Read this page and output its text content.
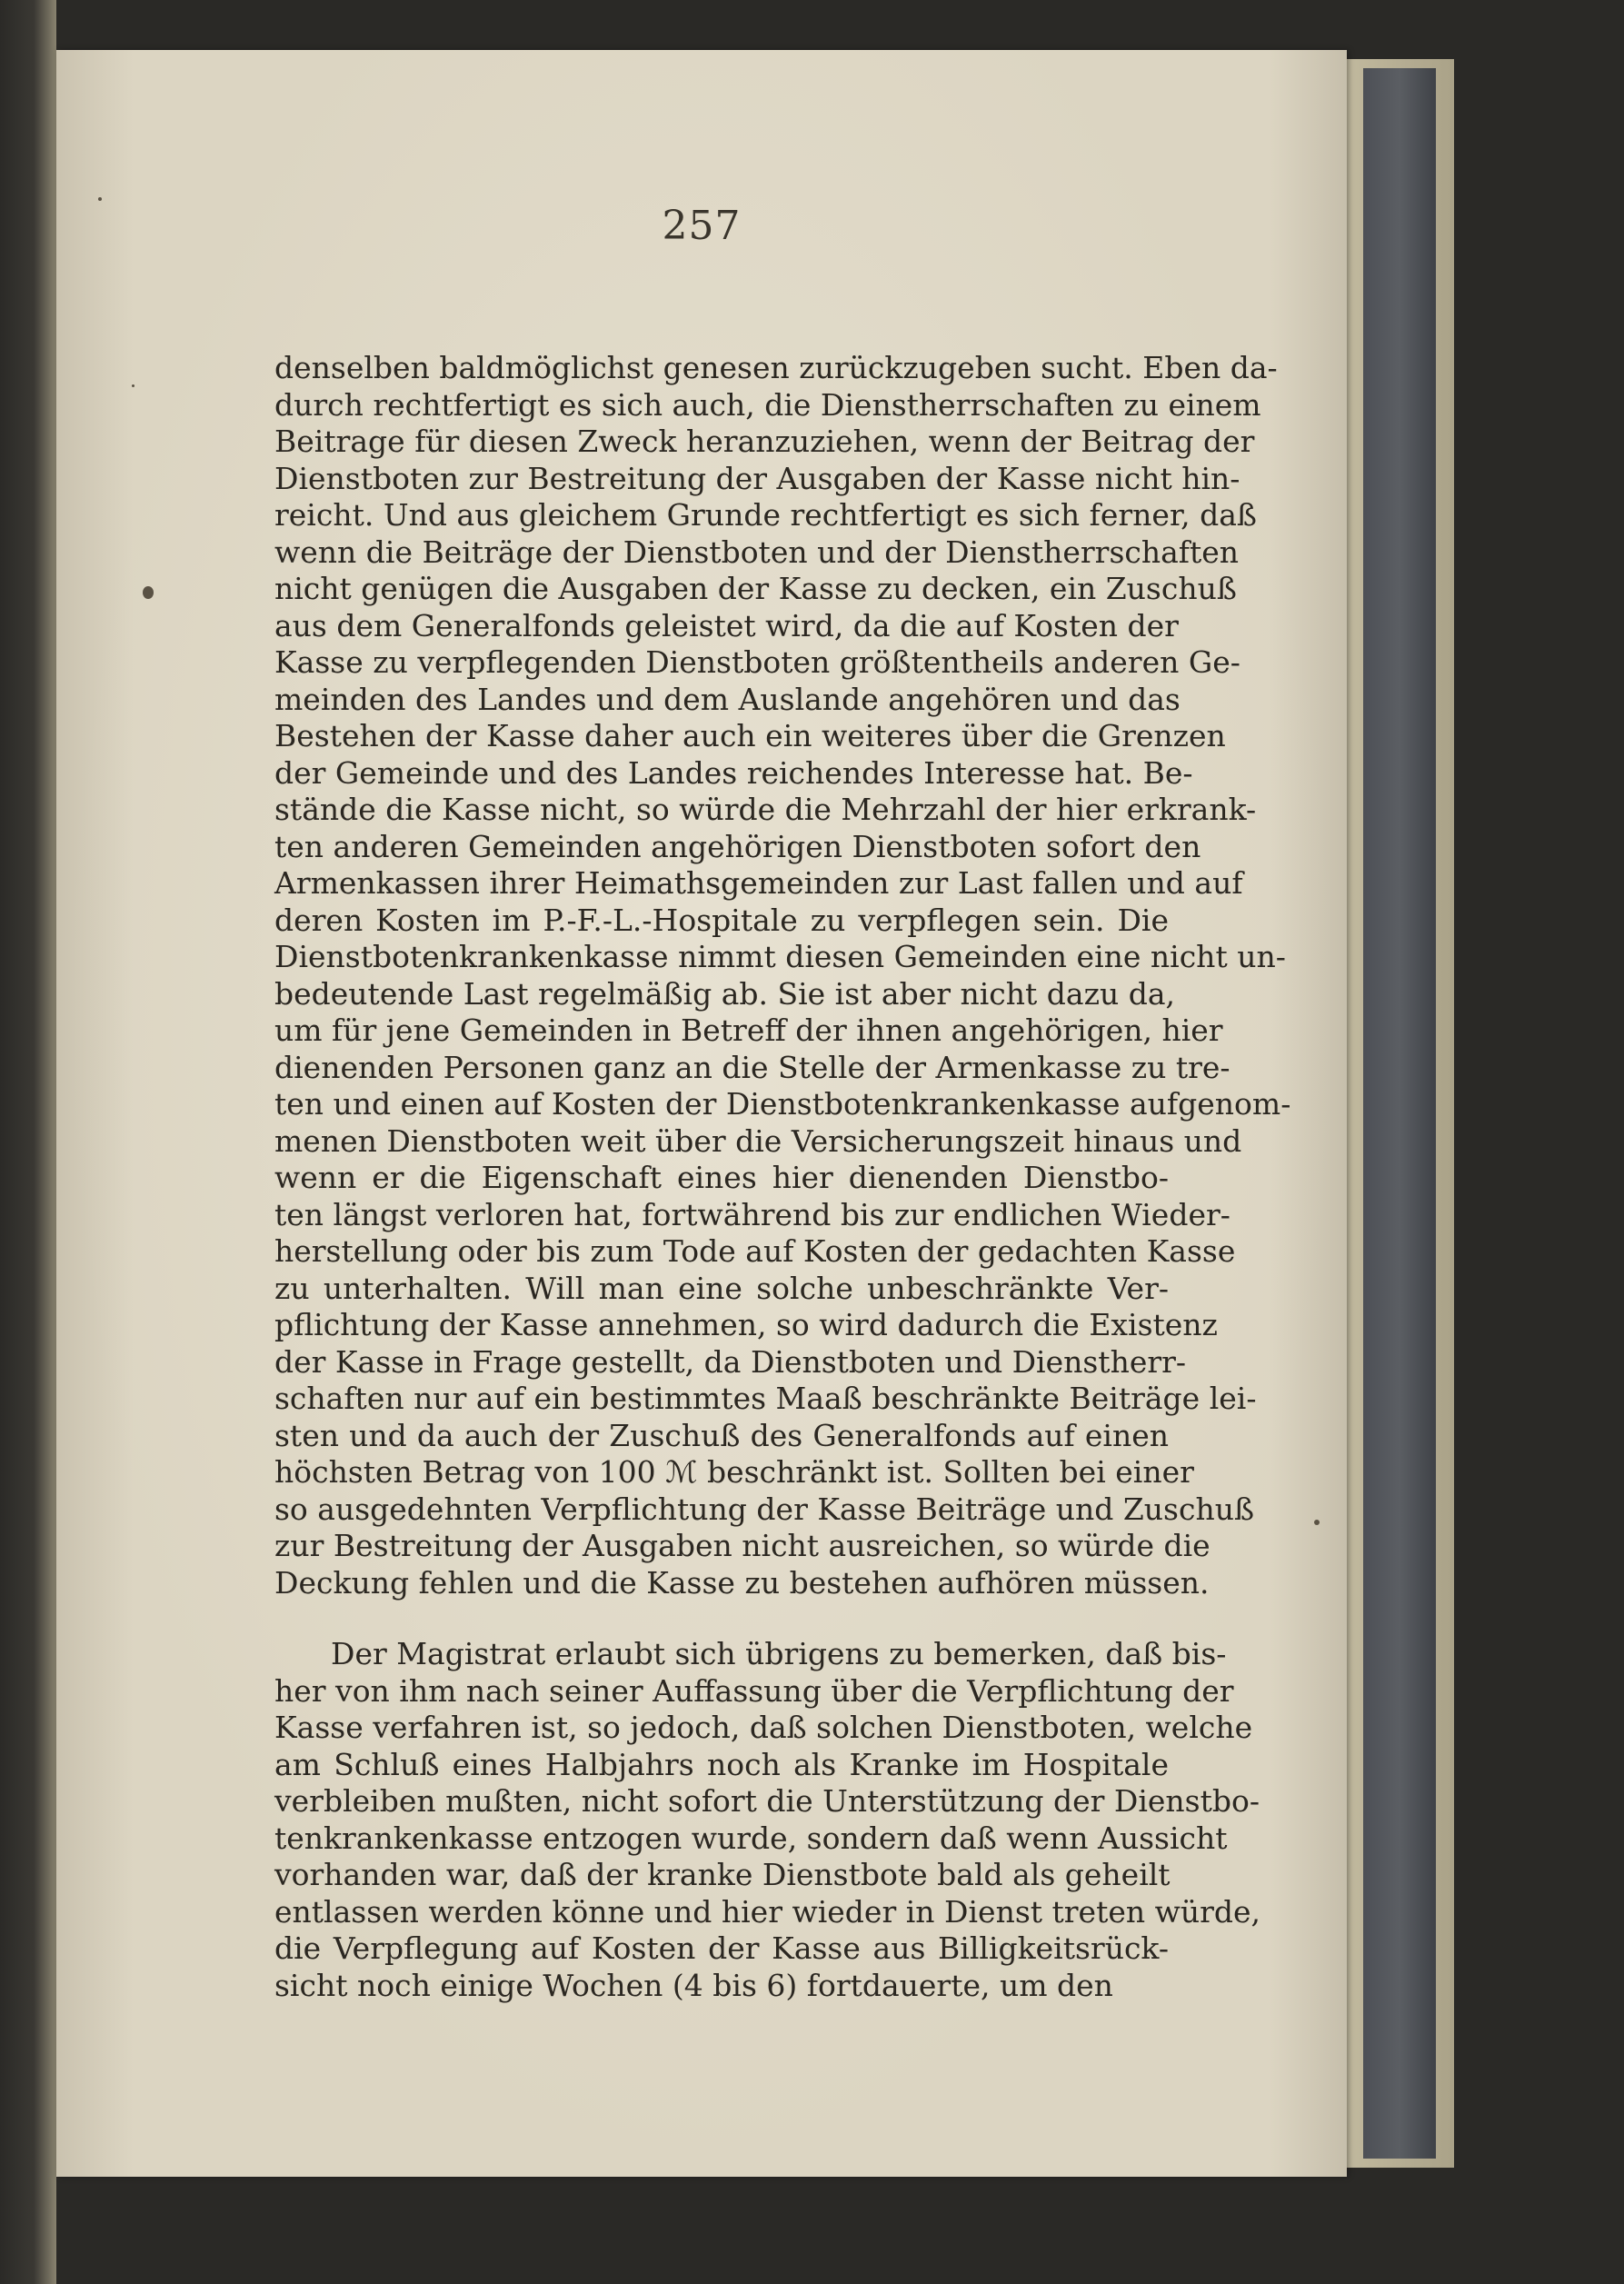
257
denselben baldmöglichst genesen zurückzugeben sucht. Eben da-
durch rechtfertigt es sich auch, die Dienstherrschaften zu einem
Beitrage für diesen Zweck heranzuziehen, wenn der Beitrag der
Dienstboten zur Bestreitung der Ausgaben der Kasse nicht hin-
reicht. Und aus gleichem Grunde rechtfertigt es sich ferner, daß
wenn die Beiträge der Dienstboten und der Dienstherrschaften
nicht genügen die Ausgaben der Kasse zu decken, ein Zuschuß
aus dem Generalfonds geleistet wird, da die auf Kosten der
Kasse zu verpflegenden Dienstboten größtentheils anderen Ge-
meinden des Landes und dem Auslande angehören und das
Bestehen der Kasse daher auch ein weiteres über die Grenzen
der Gemeinde und des Landes reichendes Interesse hat. Be-
stände die Kasse nicht, so würde die Mehrzahl der hier erkrank-
ten anderen Gemeinden angehörigen Dienstboten sofort den
Armenkassen ihrer Heimathsgemeinden zur Last fallen und auf
deren Kosten im P.-F.-L.-Hospitale zu verpflegen sein. Die
Dienstbotenkrankenkasse nimmt diesen Gemeinden eine nicht un-
bedeutende Last regelmäßig ab. Sie ist aber nicht dazu da,
um für jene Gemeinden in Betreff der ihnen angehörigen, hier
dienenden Personen ganz an die Stelle der Armenkasse zu tre-
ten und einen auf Kosten der Dienstbotenkrankenkasse aufgenom-
menen Dienstboten weit über die Versicherungszeit hinaus und
wenn er die Eigenschaft eines hier dienenden Dienstbo-
ten längst verloren hat, fortwährend bis zur endlichen Wieder-
herstellung oder bis zum Tode auf Kosten der gedachten Kasse
zu unterhalten. Will man eine solche unbeschränkte Ver-
pflichtung der Kasse annehmen, so wird dadurch die Existenz
der Kasse in Frage gestellt, da Dienstboten und Dienstherr-
schaften nur auf ein bestimmtes Maaß beschränkte Beiträge lei-
sten und da auch der Zuschuß des Generalfonds auf einen
höchsten Betrag von 100 ℳ beschränkt ist. Sollten bei einer
so ausgedehnten Verpflichtung der Kasse Beiträge und Zuschuß
zur Bestreitung der Ausgaben nicht ausreichen, so würde die
Deckung fehlen und die Kasse zu bestehen aufhören müssen.
Der Magistrat erlaubt sich übrigens zu bemerken, daß bis-
her von ihm nach seiner Auffassung über die Verpflichtung der
Kasse verfahren ist, so jedoch, daß solchen Dienstboten, welche
am Schluß eines Halbjahrs noch als Kranke im Hospitale
verbleiben mußten, nicht sofort die Unterstützung der Dienstbo-
tenkrankenkasse entzogen wurde, sondern daß wenn Aussicht
vorhanden war, daß der kranke Dienstbote bald als geheilt
entlassen werden könne und hier wieder in Dienst treten würde,
die Verpflegung auf Kosten der Kasse aus Billigkeitsrück-
sicht noch einige Wochen (4 bis 6) fortdauerte, um den
